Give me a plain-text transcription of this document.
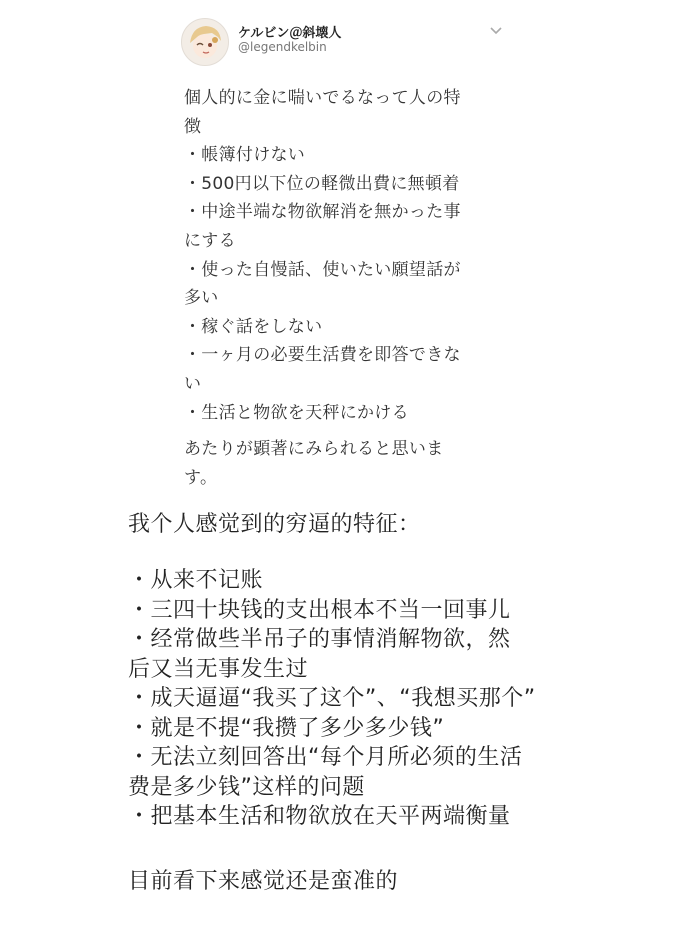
ケルビン＠斜壊人
@legendkelbin
個人的に金に喘いでるなって人の特
徴
・帳簿付けない
・500円以下位の軽微出費に無頓着
・中途半端な物欲解消を無かった事
にする
・使った自慢話、使いたい願望話が
多い
・稼ぐ話をしない
・一ヶ月の必要生活費を即答できな
い
・生活と物欲を天秤にかける
あたりが顕著にみられると思いま
す。
我个人感觉到的穷逼的特征：
・从来不记账
・三四十块钱的支出根本不当一回事儿
・经常做些半吊子的事情消解物欲，然
后又当无事发生过
・成天逼逼“我买了这个”、“我想买那个”
・就是不提“我攒了多少多少钱”
・无法立刻回答出“每个月所必须的生活
费是多少钱”这样的问题
・把基本生活和物欲放在天平两端衡量
目前看下来感觉还是蛮准的
